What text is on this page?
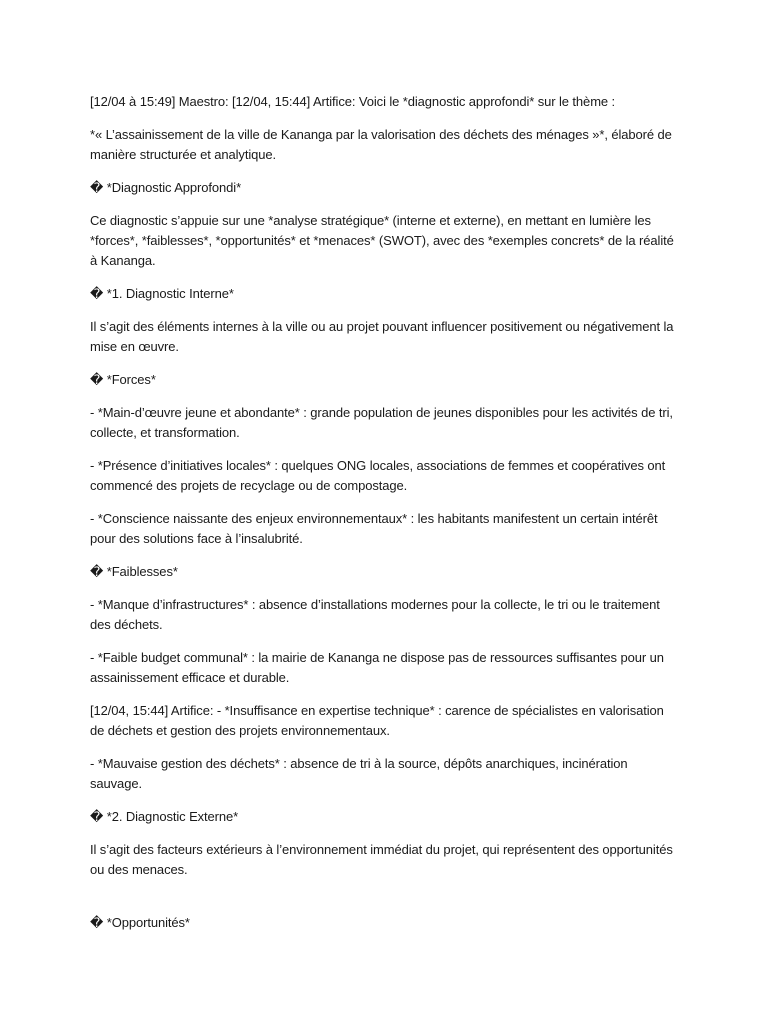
[12/04 à 15:49] Maestro: [12/04, 15:44] Artifice: Voici le *diagnostic approfondi* sur le thème :

*« L’assainissement de la ville de Kananga par la valorisation des déchets des ménages »*, élaboré de manière structurée et analytique.

� *Diagnostic Approfondi*

Ce diagnostic s’appuie sur une *analyse stratégique* (interne et externe), en mettant en lumière les *forces*, *faiblesses*, *opportunités* et *menaces* (SWOT), avec des *exemples concrets* de la réalité à Kananga.

� *1. Diagnostic Interne*

Il s’agit des éléments internes à la ville ou au projet pouvant influencer positivement ou négativement la mise en œuvre.

� *Forces*

- *Main-d’œuvre jeune et abondante* : grande population de jeunes disponibles pour les activités de tri, collecte, et transformation.

- *Présence d’initiatives locales* : quelques ONG locales, associations de femmes et coopératives ont commencé des projets de recyclage ou de compostage.

- *Conscience naissante des enjeux environnementaux* : les habitants manifestent un certain intérêt pour des solutions face à l’insalubrité.

� *Faiblesses*

- *Manque d’infrastructures* : absence d’installations modernes pour la collecte, le tri ou le traitement des déchets.

- *Faible budget communal* : la mairie de Kananga ne dispose pas de ressources suffisantes pour un assainissement efficace et durable.

[12/04, 15:44] Artifice: - *Insuffisance en expertise technique* : carence de spécialistes en valorisation de déchets et gestion des projets environnementaux.

- *Mauvaise gestion des déchets* : absence de tri à la source, dépôts anarchiques, incinération sauvage.

� *2. Diagnostic Externe*

Il s’agit des facteurs extérieurs à l’environnement immédiat du projet, qui représentent des opportunités ou des menaces.

� *Opportunités*
